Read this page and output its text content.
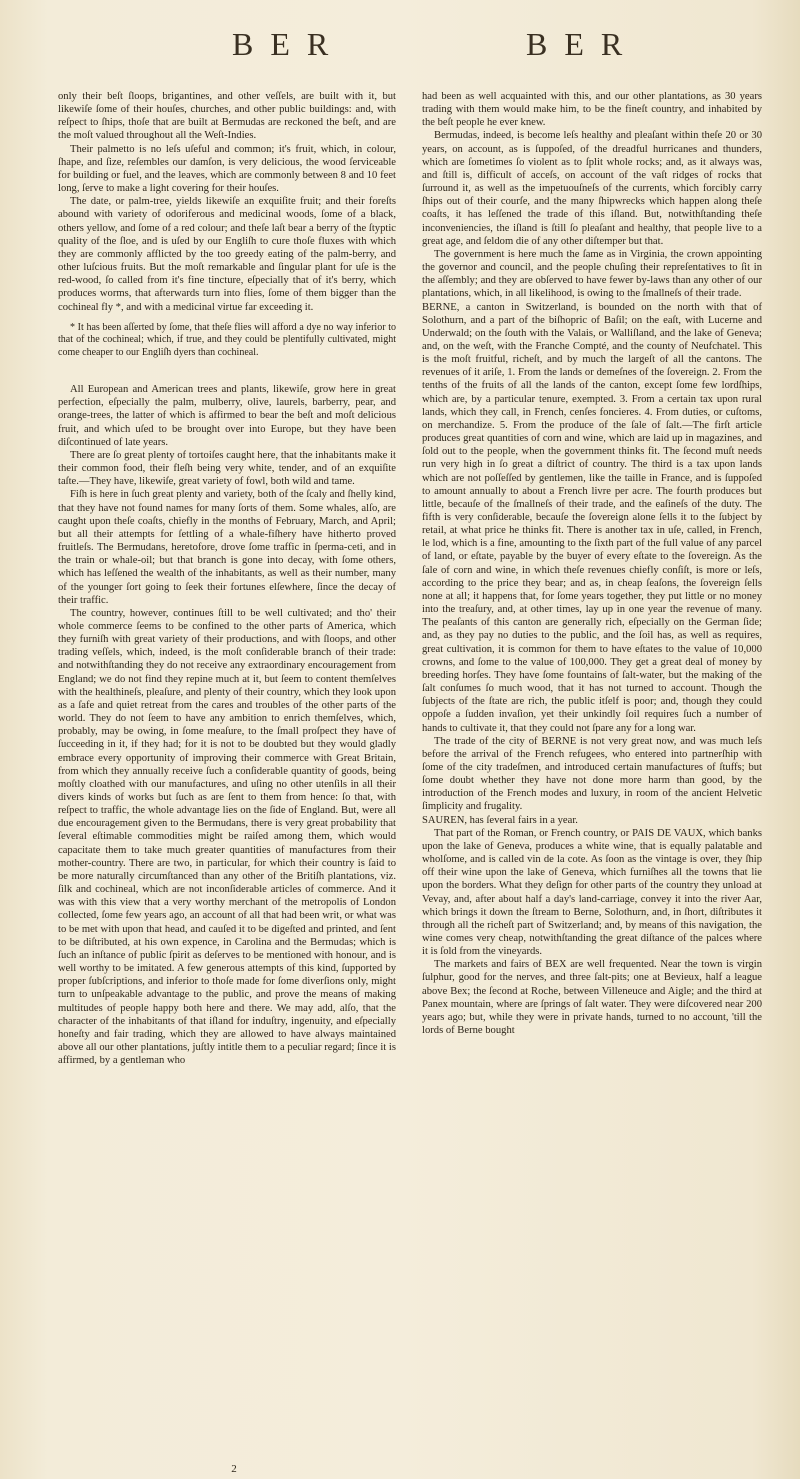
BER	BER

only their beſt ſloops, brigantines, and other veſſels, are built with it, but likewiſe ſome of their houſes, churches, and other public buildings: and, with reſpect to ſhips, thoſe that are built at Bermudas are reckoned the beſt, and are the moſt valued throughout all the Weſt-Indies.

Their palmetto is no leſs uſeful and common; it's fruit, which, in colour, ſhape, and ſize, reſembles our damſon, is very delicious, the wood ſerviceable for building or fuel, and the leaves, which are commonly between 8 and 10 feet long, ſerve to make a light covering for their houſes.

The date, or palm-tree, yields likewiſe an exquiſite fruit; and their foreſts abound with variety of odoriferous and medicinal woods, ſome of a black, others yellow, and ſome of a red colour; and theſe laſt bear a berry of the ſtyptic quality of the ſloe, and is uſed by our Engliſh to cure thoſe fluxes with which they are commonly afflicted by the too greedy eating of the palm-berry, and other luſcious fruits. But the moſt remarkable and ſingular plant for uſe is the red-wood, ſo called from it's fine tincture, eſpecially that of it's berry, which produces worms, that afterwards turn into flies, ſome of them bigger than the cochineal fly *, and with a medicinal virtue far exceeding it.

* It has been aſſerted by ſome, that theſe flies will afford a dye no way inferior to that of the cochineal; which, if true, and they could be plentifully cultivated, might come cheaper to our Engliſh dyers than cochineal.

All European and American trees and plants, likewiſe, grow here in great perfection, eſpecially the palm, mulberry, olive, laurels, barberry, pear, and orange-trees, the latter of which is affirmed to bear the beſt and moſt delicious fruit, and which uſed to be brought over into Europe, but they have been diſcontinued of late years.

There are ſo great plenty of tortoiſes caught here, that the inhabitants make it their common food, their fleſh being very white, tender, and of an exquiſite taſte.—They have, likewiſe, great variety of fowl, both wild and tame.

Fiſh is here in ſuch great plenty and variety, both of the ſcaly and ſhelly kind, that they have not found names for many ſorts of them. Some whales, alſo, are caught upon theſe coaſts, chiefly in the months of February, March, and April; but all their attempts for ſettling of a whale-fiſhery have hitherto proved fruitleſs. The Bermudans, heretofore, drove ſome traffic in ſperma-ceti, and in the train or whale-oil; but that branch is gone into decay, with ſome others, which has leſſened the wealth of the inhabitants, as well as their number, many of the younger ſort going to ſeek their fortunes elſewhere, ſince the decay of their traffic.

The country, however, continues ſtill to be well cultivated; and tho' their whole commerce ſeems to be confined to the other parts of America, which they furniſh with great variety of their productions, and with ſloops, and other trading veſſels, which, indeed, is the moſt conſiderable branch of their trade: and notwithſtanding they do not receive any extraordinary encouragement from England; we do not find they repine much at it, but ſeem to content themſelves with the healthineſs, pleaſure, and plenty of their country, which they look upon as a ſafe and quiet retreat from the cares and troubles of the other parts of the world. They do not ſeem to have any ambition to enrich themſelves, which, probably, may be owing, in ſome meaſure, to the ſmall proſpect they have of ſucceeding in it, if they had; for it is not to be doubted but they would gladly embrace every opportunity of improving their commerce with Great Britain, from which they annually receive ſuch a conſiderable quantity of goods, being moſtly cloathed with our manufactures, and uſing no other utenſils in all their divers kinds of works but ſuch as are ſent to them from hence: ſo that, with reſpect to traffic, the whole advantage lies on the ſide of England. But, were all due encouragement given to the Bermudans, there is very great probability that ſeveral eſtimable commodities might be raiſed among them, which would capacitate them to take much greater quantities of manufactures from their mother-country. There are two, in particular, for which their country is ſaid to be more naturally circumſtanced than any other of the Britiſh plantations, viz. ſilk and cochineal, which are not inconſiderable articles of commerce. And it was with this view that a very worthy merchant of the metropolis of London collected, ſome few years ago, an account of all that had been writ, or what was to be met with upon that head, and cauſed it to be digeſted and printed, and ſent to be diſtributed, at his own expence, in Carolina and the Bermudas; which is ſuch an inſtance of public ſpirit as deſerves to be mentioned with honour, and is well worthy to be imitated. A few generous attempts of this kind, ſupported by proper ſubſcriptions, and inferior to thoſe made for ſome diverſions only, might turn to unſpeakable advantage to the public, and prove the means of making multitudes of people happy both here and there. We may add, alſo, that the character of the inhabitants of that iſland for induſtry, ingenuity, and eſpecially honeſty and fair trading, which they are allowed to have always maintained above all our other plantations, juſtly intitle them to a peculiar regard; ſince it is affirmed, by a gentleman who

had been as well acquainted with this, and our other plantations, as 30 years trading with them would make him, to be the fineſt country, and inhabited by the beſt people he ever knew.

Bermudas, indeed, is become leſs healthy and pleaſant within theſe 20 or 30 years, on account, as is ſuppoſed, of the dreadful hurricanes and thunders, which are ſometimes ſo violent as to ſplit whole rocks; and, as it always was, and ſtill is, difficult of acceſs, on account of the vaſt ridges of rocks that ſurround it, as well as the impetuouſneſs of the currents, which forcibly carry ſhips out of their courſe, and the many ſhipwrecks which happen along theſe coaſts, it has leſſened the trade of this iſland. But, notwithſtanding theſe inconveniencies, the iſland is ſtill ſo pleaſant and healthy, that people live to a great age, and ſeldom die of any other diſtemper but that.

The government is here much the ſame as in Virginia, the crown appointing the governor and council, and the people chuſing their repreſentatives to ſit in the aſſembly; and they are obſerved to have fewer by-laws than any other of our plantations, which, in all likelihood, is owing to the ſmallneſs of their trade.

BERNE, a canton in Switzerland, is bounded on the north with that of Solothurn, and a part of the biſhopric of Baſil; on the eaſt, with Lucerne and Underwald; on the ſouth with the Valais, or Walliſland, and the lake of Geneva; and, on the weſt, with the Franche Compté, and the county of Neufchatel. This is the moſt fruitful, richeſt, and by much the largeſt of all the cantons. The revenues of it ariſe, 1. From the lands or demeſnes of the ſovereign. 2. From the tenths of the fruits of all the lands of the canton, except ſome few lordſhips, which are, by a particular tenure, exempted. 3. From a certain tax upon rural lands, which they call, in French, cenſes foncieres. 4. From duties, or cuſtoms, on merchandize. 5. From the produce of the ſale of ſalt.—The firſt article produces great quantities of corn and wine, which are laid up in magazines, and ſold out to the people, when the government thinks fit. The ſecond muſt needs run very high in ſo great a diſtrict of country. The third is a tax upon lands which are not poſſeſſed by gentlemen, like the taille in France, and is ſuppoſed to amount annually to about a French livre per acre. The fourth produces but little, becauſe of the ſmallneſs of their trade, and the eaſineſs of the duty. The fifth is very conſiderable, becauſe the ſovereign alone ſells it to the ſubject by retail, at what price he thinks fit. There is another tax in uſe, called, in French, le lod, which is a fine, amounting to the ſixth part of the full value of any parcel of land, or eſtate, payable by the buyer of every eſtate to the ſovereign. As the ſale of corn and wine, in which theſe revenues chiefly conſiſt, is more or leſs, according to the price they bear; and as, in cheap ſeaſons, the ſovereign ſells none at all; it happens that, for ſome years together, they put little or no money into the treaſury, and, at other times, lay up in one year the revenue of many. The peaſants of this canton are generally rich, eſpecially on the German ſide; and, as they pay no duties to the public, and the ſoil has, as well as requires, great cultivation, it is common for them to have eſtates to the value of 10,000 crowns, and ſome to the value of 100,000. They get a great deal of money by breeding horſes. They have ſome fountains of ſalt-water, but the making of the ſalt conſumes ſo much wood, that it has not turned to account. Though the ſubjects of the ſtate are rich, the public itſelf is poor; and, though they could oppoſe a ſudden invaſion, yet their unkindly ſoil requires ſuch a number of hands to cultivate it, that they could not ſpare any for a long war.

The trade of the city of BERNE is not very great now, and was much leſs before the arrival of the French refugees, who entered into partnerſhip with ſome of the city tradeſmen, and introduced certain manufactures of ſtuffs; but ſome doubt whether they have not done more harm than good, by the introduction of the French modes and luxury, in room of the ancient Helvetic ſimplicity and frugality.

SAUREN, has ſeveral fairs in a year.

That part of the Roman, or French country, or PAIS DE VAUX, which banks upon the lake of Geneva, produces a white wine, that is equally palatable and wholſome, and is called vin de la cote. As ſoon as the vintage is over, they ſhip off their wine upon the lake of Geneva, which furniſhes all the towns that lie upon the borders. What they deſign for other parts of the country they unload at Vevay, and, after about half a day's land-carriage, convey it into the river Aar, which brings it down the ſtream to Berne, Solothurn, and, in ſhort, diſtributes it through all the richeſt part of Switzerland; and, by means of this navigation, the wine comes very cheap, notwithſtanding the great diſtance of the palces where it is ſold from the vineyards.

The markets and fairs of BEX are well frequented. Near the town is virgin ſulphur, good for the nerves, and three ſalt-pits; one at Bevieux, half a league above Bex; the ſecond at Roche, between Villeneuce and Aigle; and the third at Panex mountain, where are ſprings of ſalt water. They were diſcovered near 200 years ago; but, while they were in private hands, turned to no account, 'till the lords of Berne bought

2
